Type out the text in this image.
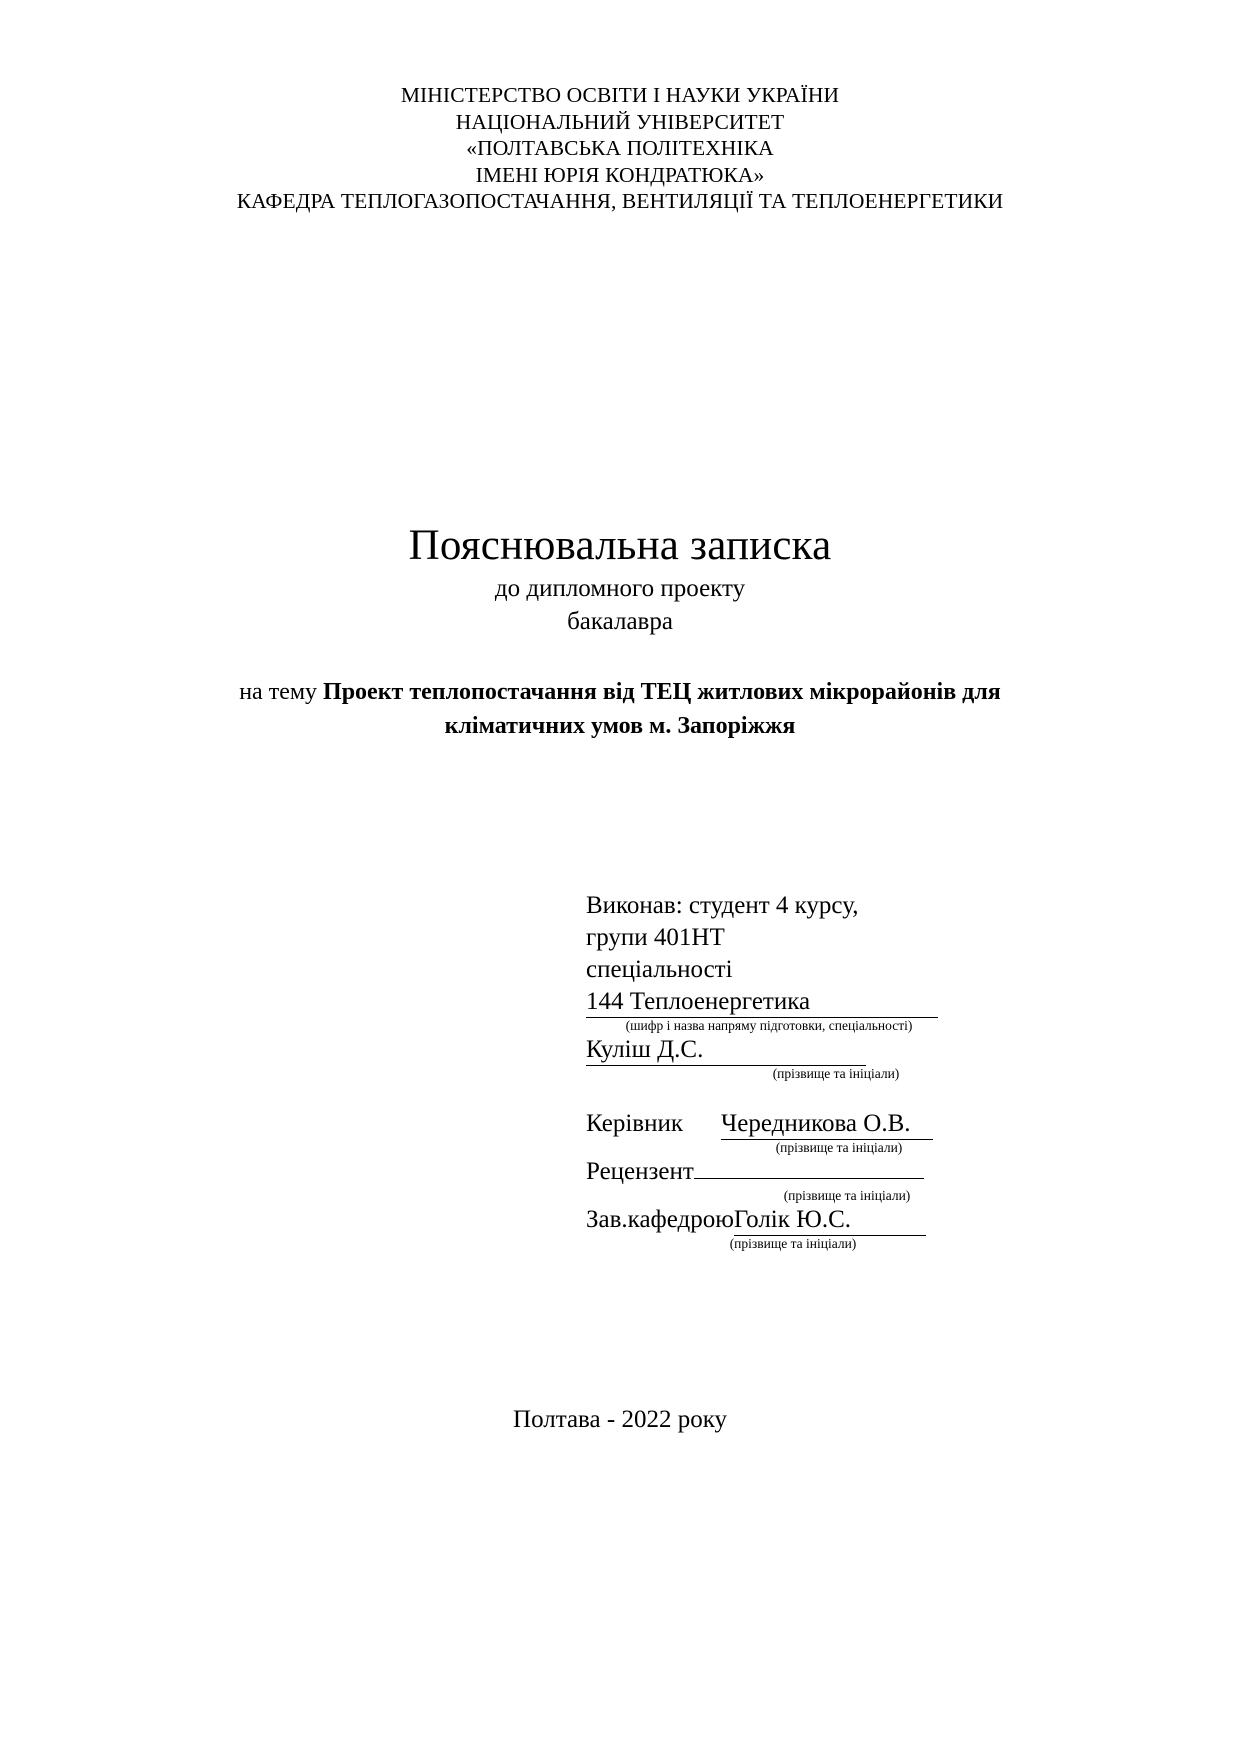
МІНІСТЕРСТВО ОСВІТИ І НАУКИ УКРАЇНИ
НАЦІОНАЛЬНИЙ УНІВЕРСИТЕТ
«ПОЛТАВСЬКА ПОЛІТЕХНІКА
ІМЕНІ ЮРІЯ КОНДРАТЮКА»
КАФЕДРА ТЕПЛОГАЗОПОСТАЧАННЯ, ВЕНТИЛЯЦІЇ ТА ТЕПЛОЕНЕРГЕТИКИ
Пояснювальна записка
до дипломного проекту
бакалавра
на тему Проект теплопостачання від ТЕЦ житлових мікрорайонів для кліматичних умов м. Запоріжжя
Виконав: студент 4 курсу,
групи 401НТ
спеціальності
144 Теплоенергетика
(шифр і назва напряму підготовки, спеціальності)
Куліш Д.С.
(прізвище та ініціали)
Керівник Чередникова О.В.
(прізвище та ініціали)
Рецензент
(прізвище та ініціали)
Зав.кафедроюГолік Ю.С.
(прізвище та ініціали)
Полтава - 2022 року
